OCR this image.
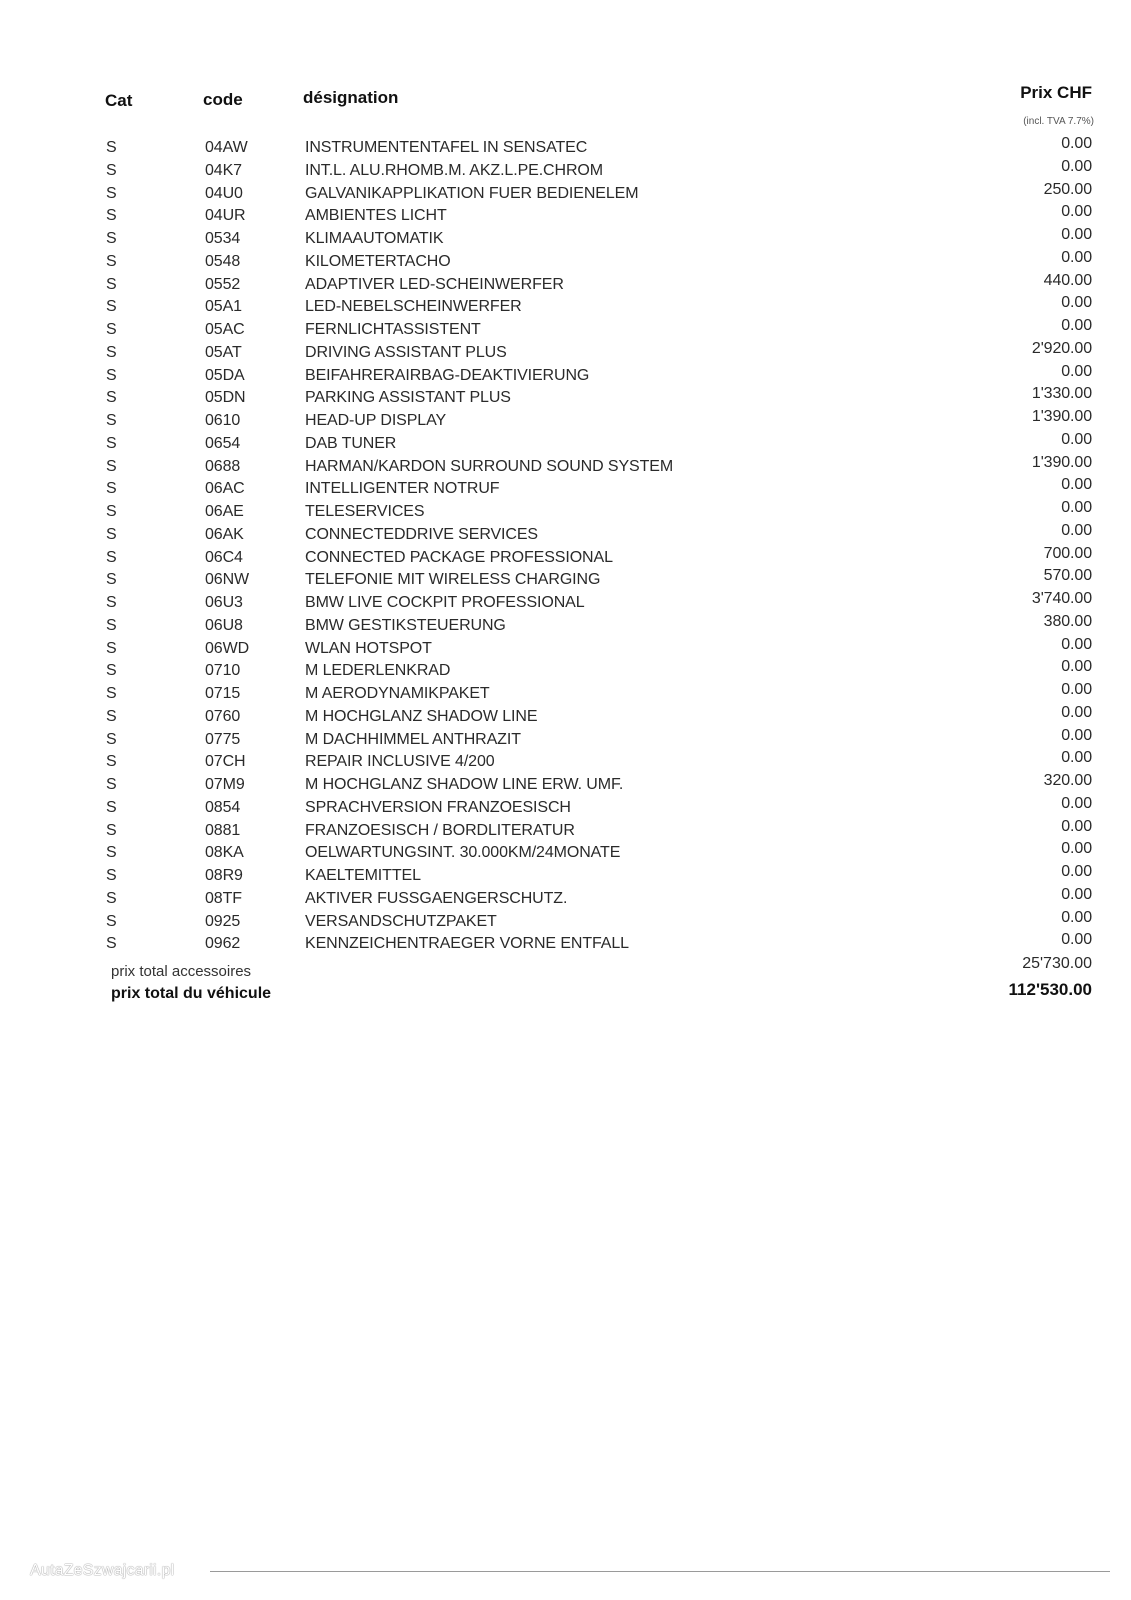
Cat	code	désignation	Prix CHF
(incl. TVA 7.7%)
S	04AW	INSTRUMENTENTAFEL IN SENSATEC	0.00
S	04K7	INT.L. ALU.RHOMB.M. AKZ.L.PE.CHROM	0.00
S	04U0	GALVANIKAPPLIKATION FUER BEDIENELEM	250.00
S	04UR	AMBIENTES LICHT	0.00
S	0534	KLIMAAUTOMATIK	0.00
S	0548	KILOMETERTACHO	0.00
S	0552	ADAPTIVER LED-SCHEINWERFER	440.00
S	05A1	LED-NEBELSCHEINWERFER	0.00
S	05AC	FERNLICHTASSISTENT	0.00
S	05AT	DRIVING ASSISTANT PLUS	2'920.00
S	05DA	BEIFAHRERAIRBAG-DEAKTIVIERUNG	0.00
S	05DN	PARKING ASSISTANT PLUS	1'330.00
S	0610	HEAD-UP DISPLAY	1'390.00
S	0654	DAB TUNER	0.00
S	0688	HARMAN/KARDON SURROUND SOUND SYSTEM	1'390.00
S	06AC	INTELLIGENTER NOTRUF	0.00
S	06AE	TELESERVICES	0.00
S	06AK	CONNECTEDDRIVE SERVICES	0.00
S	06C4	CONNECTED PACKAGE PROFESSIONAL	700.00
S	06NW	TELEFONIE MIT WIRELESS CHARGING	570.00
S	06U3	BMW LIVE COCKPIT PROFESSIONAL	3'740.00
S	06U8	BMW GESTIKSTEUERUNG	380.00
S	06WD	WLAN HOTSPOT	0.00
S	0710	M LEDERLENKRAD	0.00
S	0715	M AERODYNAMIKPAKET	0.00
S	0760	M HOCHGLANZ SHADOW LINE	0.00
S	0775	M DACHHIMMEL ANTHRAZIT	0.00
S	07CH	REPAIR INCLUSIVE 4/200	0.00
S	07M9	M HOCHGLANZ SHADOW LINE ERW. UMF.	320.00
S	0854	SPRACHVERSION FRANZOESISCH	0.00
S	0881	FRANZOESISCH / BORDLITERATUR	0.00
S	08KA	OELWARTUNGSINT. 30.000KM/24MONATE	0.00
S	08R9	KAELTEMITTEL	0.00
S	08TF	AKTIVER FUSSGAENGERSCHUTZ.	0.00
S	0925	VERSANDSCHUTZPAKET	0.00
S	0962	KENNZEICHENTRAEGER VORNE ENTFALL	0.00
prix total accessoires	25'730.00
prix total du véhicule	112'530.00
AutaZeSzwajcarii.pl
